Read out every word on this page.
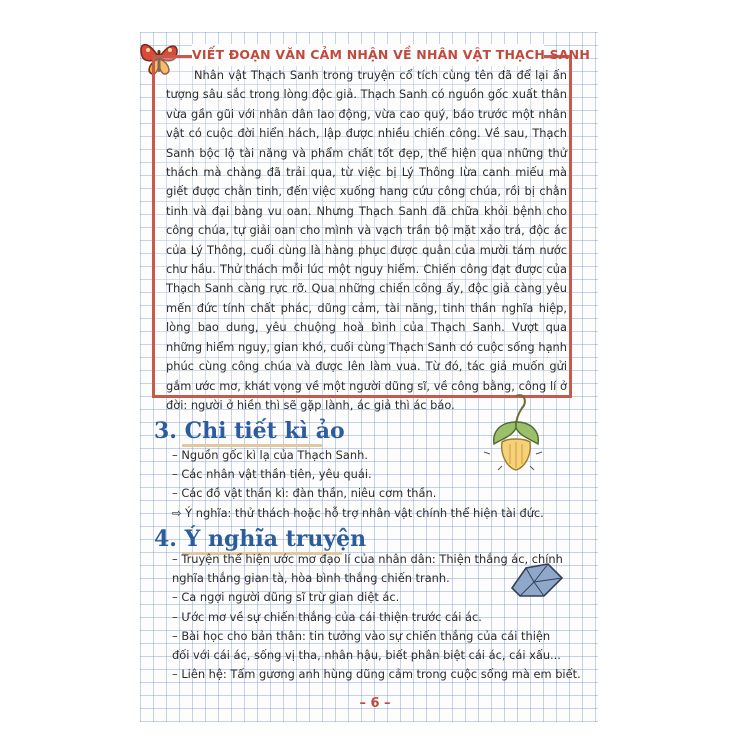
VIẾT ĐOẠN VĂN CẢM NHẬN VỀ NHÂN VẬT THẠCH SANH
Nhân vật Thạch Sanh trong truyện cổ tích cùng tên đã để lại ấn tượng sâu sắc trong lòng độc giả. Thạch Sanh có nguồn gốc xuất thân vừa gần gũi với nhân dân lao động, vừa cao quý, báo trước một nhân vật có cuộc đời hiển hách, lập được nhiều chiến công. Về sau, Thạch Sanh bộc lộ tài năng và phẩm chất tốt đẹp, thể hiện qua những thử thách mà chàng đã trải qua, từ việc bị Lý Thông lừa canh miếu mà giết được chằn tinh, đến việc xuống hang cứu công chúa, rồi bị chằn tinh và đại bàng vu oan. Nhưng Thạch Sanh đã chữa khỏi bệnh cho công chúa, tự giải oan cho mình và vạch trần bộ mặt xảo trá, độc ác của Lý Thông, cuối cùng là hàng phục được quân của mười tám nước chư hầu. Thử thách mỗi lúc một nguy hiểm. Chiến công đạt được của Thạch Sanh càng rực rỡ. Qua những chiến công ấy, độc giả càng yêu mến đức tính chất phác, dũng cảm, tài năng, tinh thần nghĩa hiệp, lòng bao dung, yêu chuộng hoà bình của Thạch Sanh. Vượt qua những hiểm nguy, gian khó, cuối cùng Thạch Sanh có cuộc sống hạnh phúc cùng công chúa và được lên làm vua. Từ đó, tác giả muốn gửi gắm ước mơ, khát vọng về một người dũng sĩ, về công bằng, công lí ở đời: người ở hiền thì sẽ gặp lành, ác giả thì ác báo.
3. Chi tiết kì ảo
– Nguồn gốc kì lạ của Thạch Sanh.
– Các nhân vật thần tiên, yêu quái.
– Các đồ vật thần kì: đàn thần, niêu cơm thần.
⇨ Ý nghĩa: thử thách hoặc hỗ trợ nhân vật chính thể hiện tài đức.
4. Ý nghĩa truyện
– Truyện thể hiện ước mơ đạo lí của nhân dân: Thiện thắng ác, chính
nghĩa thắng gian tà, hòa bình thắng chiến tranh.
– Ca ngợi người dũng sĩ trừ gian diệt ác.
– Ước mơ về sự chiến thắng của cái thiện trước cái ác.
– Bài học cho bản thân: tin tưởng vào sự chiến thắng của cái thiện
đối với cái ác, sống vị tha, nhân hậu, biết phân biệt cái ác, cái xấu...
– Liên hệ: Tấm gương anh hùng dũng cảm trong cuộc sống mà em biết.
– 6 –
